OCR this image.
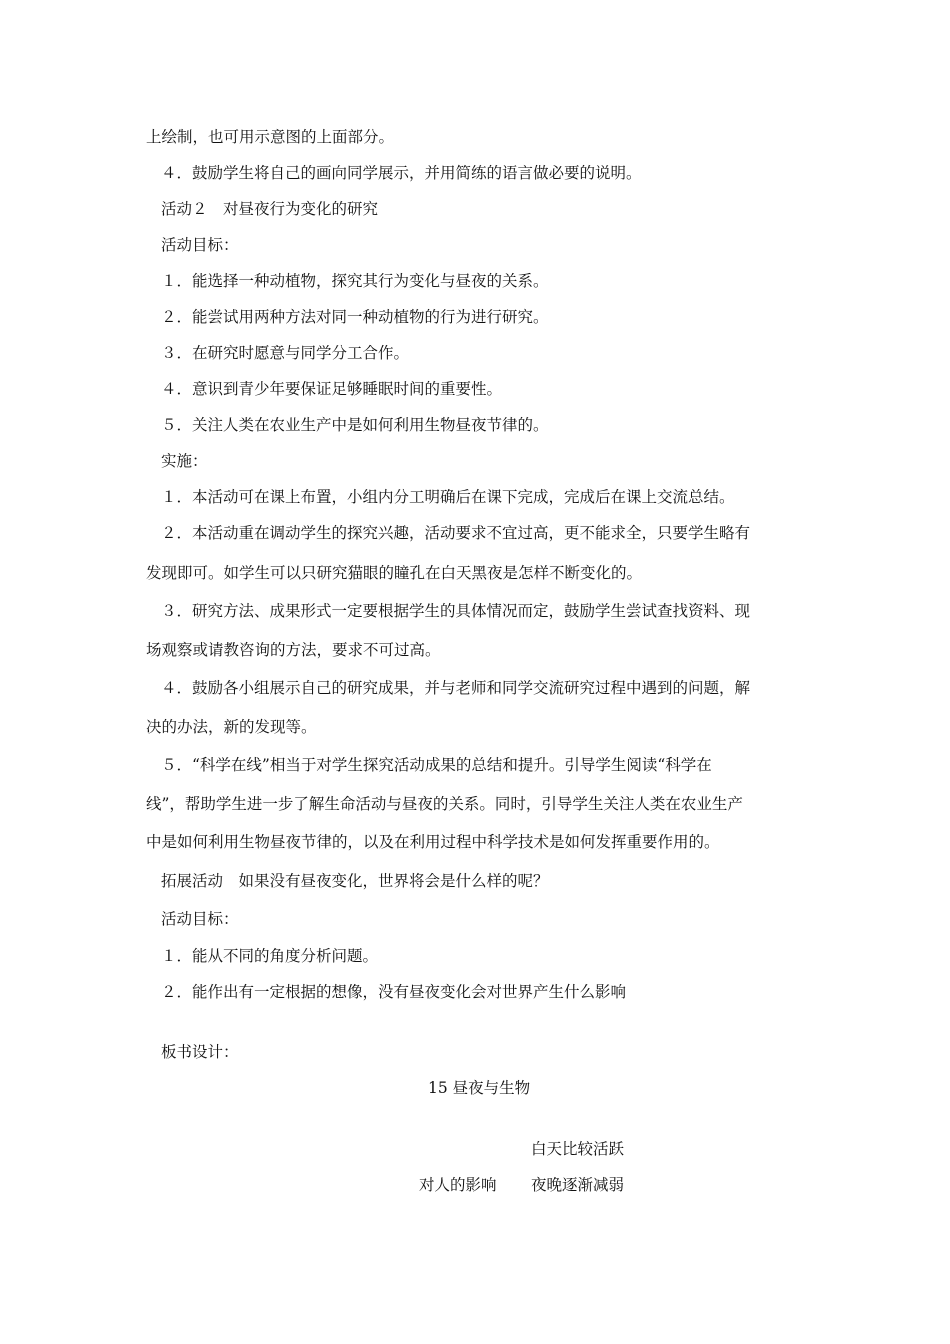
上绘制，也可用示意图的上面部分。
４．鼓励学生将自己的画向同学展示，并用简练的语言做必要的说明。
活动２　对昼夜行为变化的研究
活动目标：
１．能选择一种动植物，探究其行为变化与昼夜的关系。
２．能尝试用两种方法对同一种动植物的行为进行研究。
３．在研究时愿意与同学分工合作。
４．意识到青少年要保证足够睡眠时间的重要性。
５．关注人类在农业生产中是如何利用生物昼夜节律的。
实施：
１．本活动可在课上布置，小组内分工明确后在课下完成，完成后在课上交流总结。
２．本活动重在调动学生的探究兴趣，活动要求不宜过高，更不能求全，只要学生略有
发现即可。如学生可以只研究猫眼的瞳孔在白天黑夜是怎样不断变化的。
３．研究方法、成果形式一定要根据学生的具体情况而定，鼓励学生尝试查找资料、现
场观察或请教咨询的方法，要求不可过高。
４．鼓励各小组展示自己的研究成果，并与老师和同学交流研究过程中遇到的问题，解
决的办法，新的发现等。
５．“科学在线”相当于对学生探究活动成果的总结和提升。引导学生阅读“科学在
线”，帮助学生进一步了解生命活动与昼夜的关系。同时，引导学生关注人类在农业生产
中是如何利用生物昼夜节律的，以及在利用过程中科学技术是如何发挥重要作用的。
拓展活动　如果没有昼夜变化，世界将会是什么样的呢？
活动目标：
１．能从不同的角度分析问题。
２．能作出有一定根据的想像，没有昼夜变化会对世界产生什么影响
板书设计：
15 昼夜与生物
白天比较活跃
对人的影响 夜晚逐渐减弱
